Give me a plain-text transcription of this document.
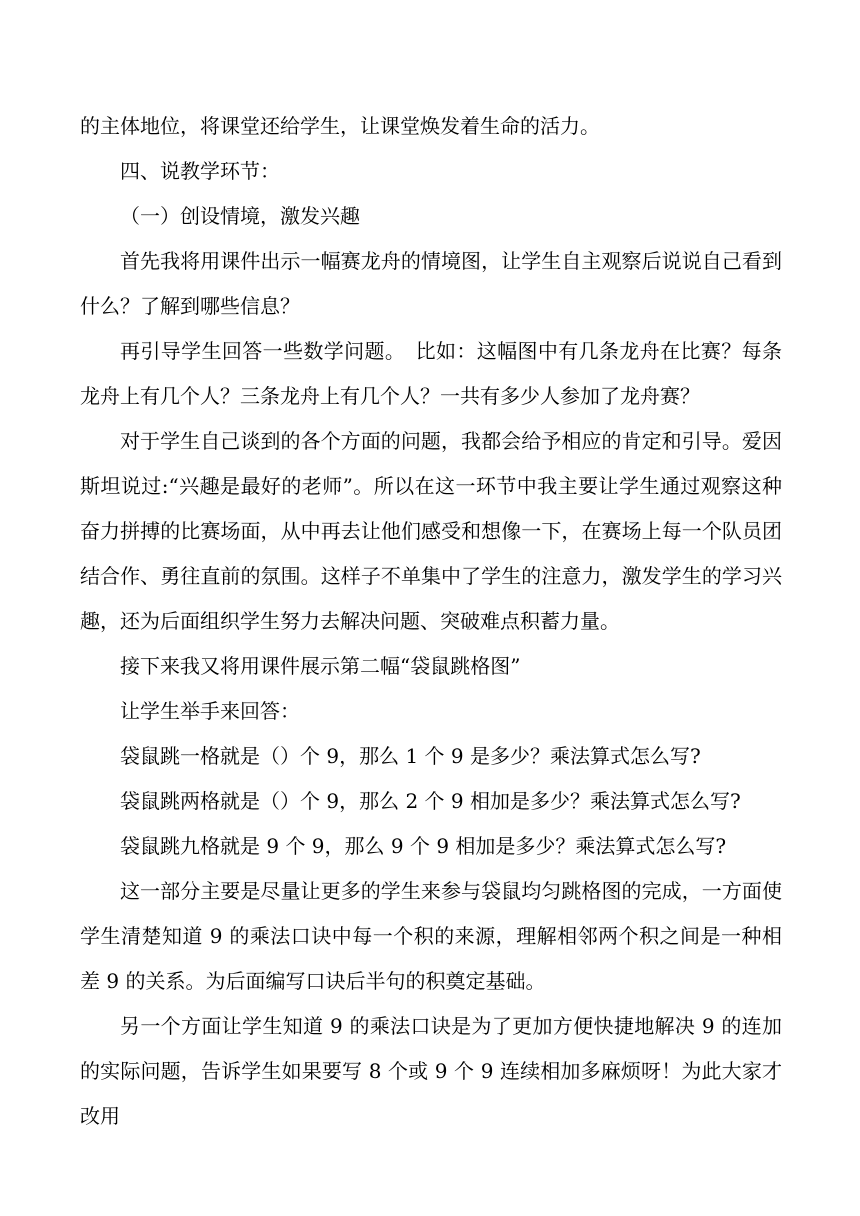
的主体地位，将课堂还给学生，让课堂焕发着生命的活力。

四、说教学环节：

（一）创设情境，激发兴趣

首先我将用课件出示一幅赛龙舟的情境图，让学生自主观察后说说自己看到什么？了解到哪些信息？

再引导学生回答一些数学问题。　比如：这幅图中有几条龙舟在比赛？每条龙舟上有几个人？三条龙舟上有几个人？一共有多少人参加了龙舟赛？

对于学生自己谈到的各个方面的问题，我都会给予相应的肯定和引导。爱因斯坦说过:“兴趣是最好的老师”。所以在这一环节中我主要让学生通过观察这种奋力拼搏的比赛场面，从中再去让他们感受和想像一下，在赛场上每一个队员团结合作、勇往直前的氛围。这样子不单集中了学生的注意力，激发学生的学习兴趣，还为后面组织学生努力去解决问题、突破难点积蓄力量。

接下来我又将用课件展示第二幅“袋鼠跳格图”

让学生举手来回答：

袋鼠跳一格就是（）个 9，那么 1 个 9 是多少？乘法算式怎么写?

袋鼠跳两格就是（）个 9，那么 2 个 9 相加是多少？乘法算式怎么写?

袋鼠跳九格就是 9 个 9，那么 9 个 9 相加是多少？乘法算式怎么写?

这一部分主要是尽量让更多的学生来参与袋鼠均匀跳格图的完成，一方面使学生清楚知道 9 的乘法口诀中每一个积的来源，理解相邻两个积之间是一种相差 9 的关系。为后面编写口诀后半句的积奠定基础。

另一个方面让学生知道 9 的乘法口诀是为了更加方便快捷地解决 9 的连加的实际问题，告诉学生如果要写 8 个或 9 个 9 连续相加多麻烦呀！为此大家才改用
